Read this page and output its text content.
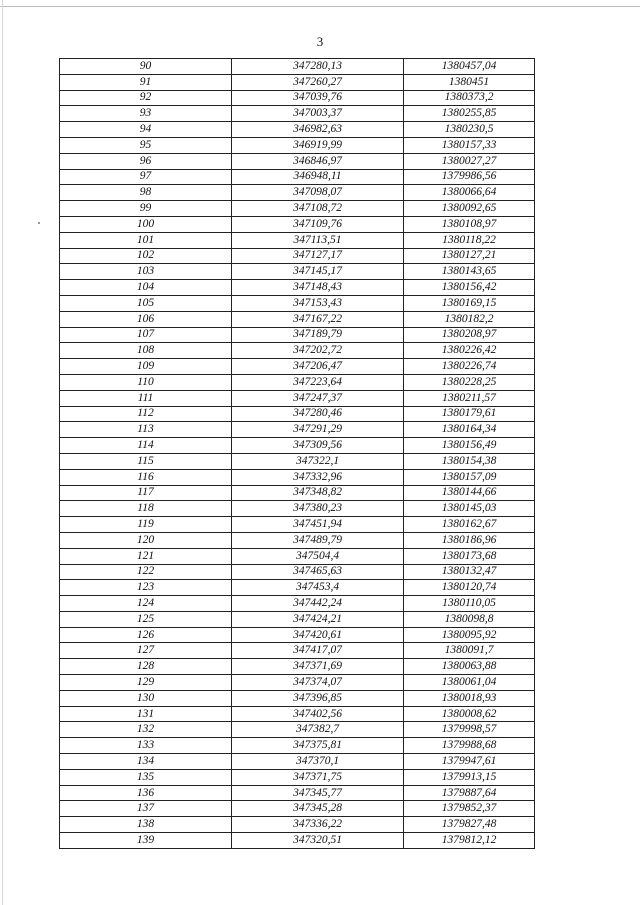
3
90	347280,13	1380457,04
91	347260,27	1380451
92	347039,76	1380373,2
93	347003,37	1380255,85
94	346982,63	1380230,5
95	346919,99	1380157,33
96	346846,97	1380027,27
97	346948,11	1379986,56
98	347098,07	1380066,64
99	347108,72	1380092,65
100	347109,76	1380108,97
101	347113,51	1380118,22
102	347127,17	1380127,21
103	347145,17	1380143,65
104	347148,43	1380156,42
105	347153,43	1380169,15
106	347167,22	1380182,2
107	347189,79	1380208,97
108	347202,72	1380226,42
109	347206,47	1380226,74
110	347223,64	1380228,25
111	347247,37	1380211,57
112	347280,46	1380179,61
113	347291,29	1380164,34
114	347309,56	1380156,49
115	347322,1	1380154,38
116	347332,96	1380157,09
117	347348,82	1380144,66
118	347380,23	1380145,03
119	347451,94	1380162,67
120	347489,79	1380186,96
121	347504,4	1380173,68
122	347465,63	1380132,47
123	347453,4	1380120,74
124	347442,24	1380110,05
125	347424,21	1380098,8
126	347420,61	1380095,92
127	347417,07	1380091,7
128	347371,69	1380063,88
129	347374,07	1380061,04
130	347396,85	1380018,93
131	347402,56	1380008,62
132	347382,7	1379998,57
133	347375,81	1379988,68
134	347370,1	1379947,61
135	347371,75	1379913,15
136	347345,77	1379887,64
137	347345,28	1379852,37
138	347336,22	1379827,48
139	347320,51	1379812,12
